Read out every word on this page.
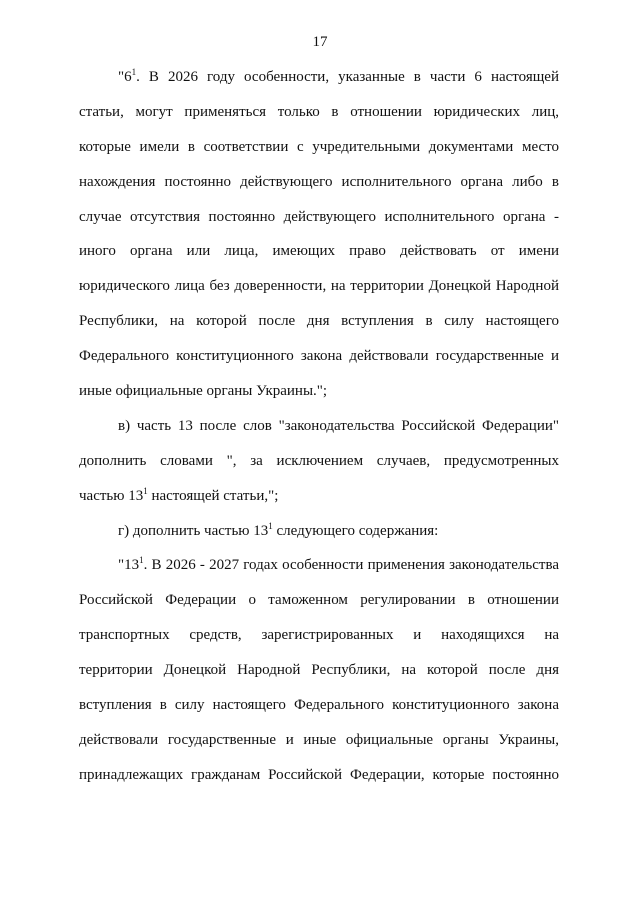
17
"$6^1$. В 2026 году особенности, указанные в части 6 настоящей
статьи, могут применяться только в отношении юридических лиц,
которые имели в соответствии с учредительными документами место
нахождения постоянно действующего исполнительного органа либо в
случае отсутствия постоянно действующего исполнительного органа -
иного органа или лица, имеющих право действовать от имени
юридического лица без доверенности, на территории Донецкой Народной
Республики, на которой после дня вступления в силу настоящего
Федерального конституционного закона действовали государственные и
иные официальные органы Украины.";
в) часть 13 после слов "законодательства Российской Федерации"
дополнить словами ", за исключением случаев, предусмотренных
частью $13^1$ настоящей статьи,";
г) дополнить частью $13^1$ следующего содержания:
"$13^1$. В 2026 - 2027 годах особенности применения законодательства
Российской Федерации о таможенном регулировании в отношении
транспортных средств, зарегистрированных и находящихся на
территории Донецкой Народной Республики, на которой после дня
вступления в силу настоящего Федерального конституционного закона
действовали государственные и иные официальные органы Украины,
принадлежащих гражданам Российской Федерации, которые постоянно
